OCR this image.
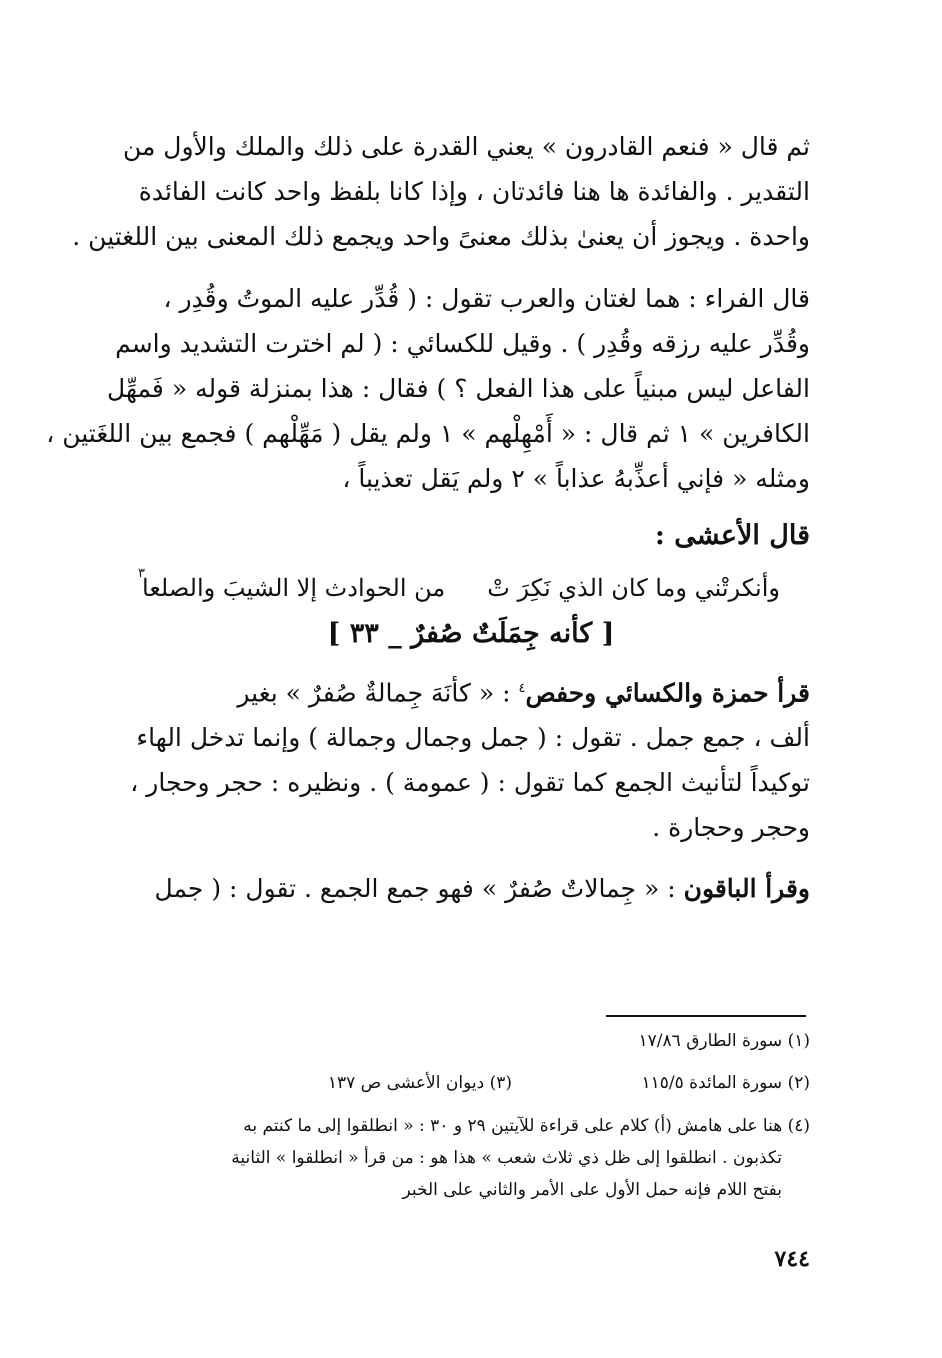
ثم قال « فنعم القادرون » يعني القدرة على ذلك والملك والأول من
التقدير . والفائدة ها هنا فائدتان ، وإذا كانا بلفظ واحد كانت الفائدة
واحدة . ويجوز أن يعنىٰ بذلك معنىً واحد ويجمع ذلك المعنى بين اللغتين .

قال الفراء : هما لغتان والعرب تقول : ( قُدِّر عليه الموتُ وقُدِر ،
وقُدِّر عليه رزقه وقُدِر ) . وقيل للكسائي : ( لم اخترت التشديد واسم
الفاعل ليس مبنياً على هذا الفعل ؟ ) فقال : هذا بمنزلة قوله « فَمهِّل
الكافرين » ١ ثم قال : « أَمْهِلْهم » ١ ولم يقل ( مَهِّلْهم ) فجمع بين اللغَتين ،
ومثله « فإني أعذِّبهُ عذاباً » ٢ ولم يَقل تعذيباً ،

قال الأعشى :

وأنكرتْني وما كان الذي نَكِرَ تْ
من الحوادث إلا الشيبَ والصلعا
٣
[ كأنه جِمَلَتٌ صُفرٌ _ ٣٣ ]

قرأ حمزة والكسائي وحفص$^٤$ : « كأنَهَ جِمالةٌ صُفرٌ » بغير
ألف ، جمع جمل . تقول : ( جمل وجمال وجمالة ) وإنما تدخل الهاء
توكيداً لتأنيث الجمع كما تقول : ( عمومة ) . ونظيره : حجر وحجار ،
وحجر وحجارة .

وقرأ الباقون : « جِمالاتٌ صُفرٌ » فهو جمع الجمع . تقول : ( جمل

(١) سورة الطارق ١٧/٨٦
(٢) سورة المائدة ١١٥/٥
(٣) ديوان الأعشى ص ١٣٧
(٤) هنا على هامش (أ) كلام على قراءة للآيتين ٢٩ و ٣٠ : « انطلقوا إلى ما كنتم به
تكذبون . انطلقوا إلى ظل ذي ثلاث شعب » هذا هو : من قرأ « انطلقوا » الثانية
بفتح اللام فإنه حمل الأول على الأمر والثاني على الخبر
٧٤٤
